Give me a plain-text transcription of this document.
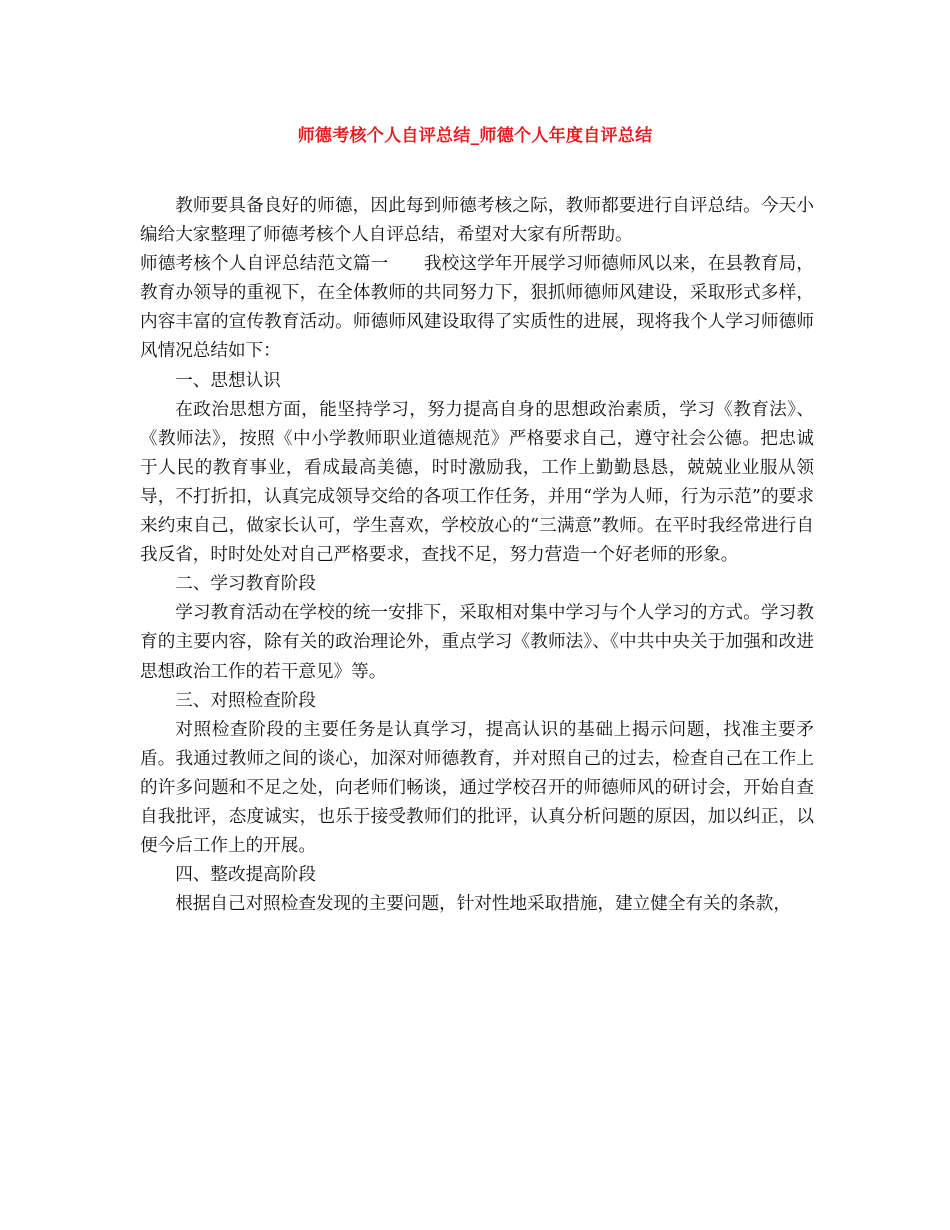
师德考核个人自评总结_师德个人年度自评总结

教师要具备良好的师德，因此每到师德考核之际，教师都要进行自评总结。今天小编给大家整理了师德考核个人自评总结，希望对大家有所帮助。

师德考核个人自评总结范文篇一　　我校这学年开展学习师德师风以来，在县教育局，教育办领导的重视下，在全体教师的共同努力下，狠抓师德师风建设，采取形式多样，内容丰富的宣传教育活动。师德师风建设取得了实质性的进展，现将我个人学习师德师风情况总结如下：

一、思想认识

在政治思想方面，能坚持学习，努力提高自身的思想政治素质，学习《教育法》、《教师法》，按照《中小学教师职业道德规范》严格要求自己，遵守社会公德。把忠诚于人民的教育事业，看成最高美德，时时激励我，工作上勤勤恳恳，兢兢业业服从领导，不打折扣，认真完成领导交给的各项工作任务，并用“学为人师，行为示范”的要求来约束自己，做家长认可，学生喜欢，学校放心的“三满意”教师。在平时我经常进行自我反省，时时处处对自己严格要求，查找不足，努力营造一个好老师的形象。

二、学习教育阶段

学习教育活动在学校的统一安排下，采取相对集中学习与个人学习的方式。学习教育的主要内容，除有关的政治理论外，重点学习《教师法》、《中共中央关于加强和改进思想政治工作的若干意见》等。

三、对照检查阶段

对照检查阶段的主要任务是认真学习，提高认识的基础上揭示问题，找准主要矛盾。我通过教师之间的谈心，加深对师德教育，并对照自己的过去，检查自己在工作上的许多问题和不足之处，向老师们畅谈，通过学校召开的师德师风的研讨会，开始自查自我批评，态度诚实，也乐于接受教师们的批评，认真分析问题的原因，加以纠正，以便今后工作上的开展。

四、整改提高阶段

根据自己对照检查发现的主要问题，针对性地采取措施，建立健全有关的条款，
